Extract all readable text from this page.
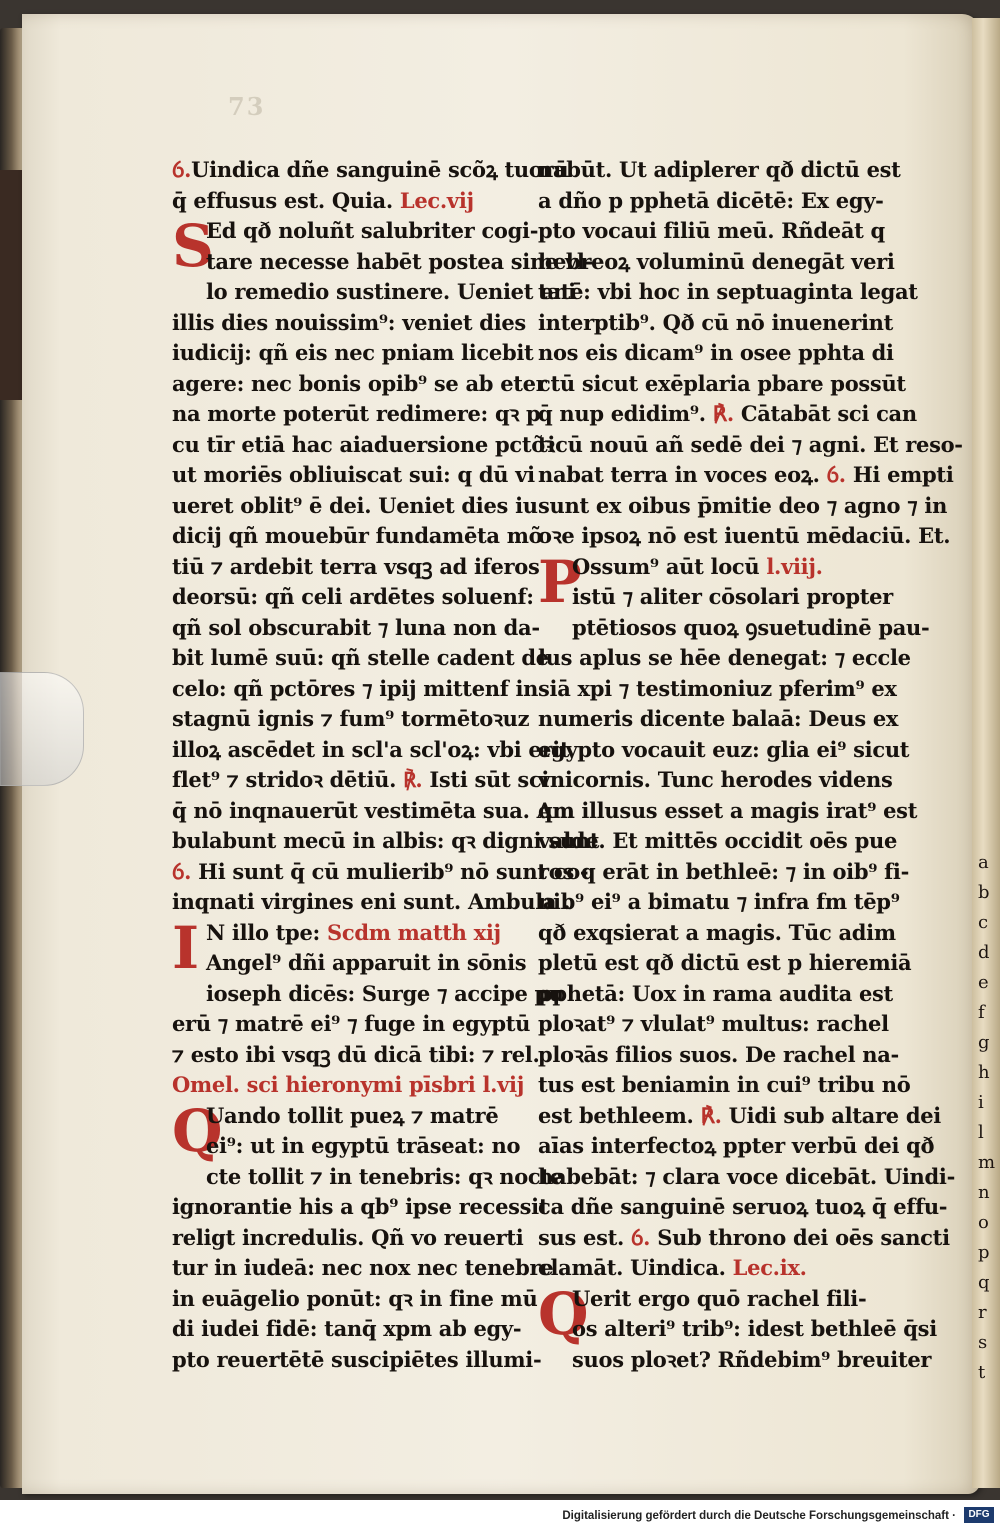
a
b
c
d
e
f
g
h
i
l
m
n
o
p
q
r
s
t
73
ỽ.Uindica dñe sanguinē scõꝝ tuorū
q̄ effusus est. Quia. Lec.vij
S
Ed qð noluñt salubriter cogi-
tare necesse habēt postea sine vl-
lo remedio sustinere. Ueniet eni
illis dies nouissim⁹: veniet dies
iudicij: qñ eis nec pniam licebit
agere: nec bonis opib⁹ se ab eter
na morte poterūt redimere: qꝛ p
cu tīr etiā hac aiaduersione pctõꝛ
ut moriēs obliuiscat sui: q dū vi
ueret oblit⁹ ē dei. Ueniet dies iu
dicij qñ mouebūr fundamēta mõ
tiū ⁊ ardebit terra vsqꝫ ad iferos
deorsū: qñ celi ardētes soluenf:
qñ sol obscurabit ⁊ luna non da-
bit lumē suū: qñ stelle cadent de
celo: qñ pctōres ⁊ ipij mittenf in
stagnū ignis ⁊ fum⁹ tormētoꝛuz
illoꝝ ascēdet in scl'a scl'oꝝ: vbi erit
flet⁹ ⁊ stridoꝛ dētiū. ℟. Isti sūt sci
q̄ nō inqnauerūt vestimēta sua. Am
bulabunt mecū in albis: qꝛ digni sunt
ỽ. Hi sunt q̄ cū mulierib⁹ nō sunt co-
inqnati virgines eni sunt. Ambula .
I N illo tpe: Scdm matth xij
Angel⁹ dñi apparuit in sōnis
ioseph dicēs: Surge ⁊ accipe pu
erū ⁊ matrē ei⁹ ⁊ fuge in egyptū
⁊ esto ibi vsqꝫ dū dicā tibi: ⁊ rel.
Omel. sci hieronymi pīsbri l.vij
Q
Uando tollit pueꝝ ⁊ matrē
ei⁹: ut in egyptū trāseat: no
cte tollit ⁊ in tenebris: qꝛ nocte
ignorantie his a qb⁹ ipse recessit
religt incredulis. Qñ vo reuerti
tur in iudeā: nec nox nec tenebre
in euāgelio ponūt: qꝛ in fine mū
di iudei fidē: tanq̄ xpm ab egy-
pto reuertētē suscipiētes illumi-
nabūt. Ut adiplerer qð dictū est
a dño p pphetā dicētē: Ex egy-
pto vocaui filiū meū. Rñdeāt q
hebreoꝝ voluminū denegāt veri
tatē: vbi hoc in septuaginta legat
interptib⁹. Qð cū nō inuenerint
nos eis dicam⁹ in osee pphta di
ctū sicut exēplaria pbare possūt
q̄ nup edidim⁹. ℟. Cātabāt sci can
ticū nouū añ sedē dei ⁊ agni. Et reso-
nabat terra in voces eoꝝ. ỽ. Hi empti
sunt ex oibus p̄mitie deo ⁊ agno ⁊ in
oꝛe ipsoꝝ nō est iuentū mēdaciū. Et.
P
Ossum⁹ aūt locū l.viij.
istū ⁊ aliter cōsolari propter
ptētiosos quoꝝ ꝯsuetudinē pau-
lus aplus se hēe denegat: ⁊ eccle
siā xpi ⁊ testimoniuz pferim⁹ ex
numeris dicente balaā: Deus ex
egypto vocauit euz: glia ei⁹ sicut
vnicornis. Tunc herodes videns
qm illusus esset a magis irat⁹ est
valde. Et mittēs occidit oēs pue
ros q erāt in bethleē: ⁊ in oib⁹ fi-
nib⁹ ei⁹ a bimatu ⁊ infra fm tēp⁹
qð exqsierat a magis. Tūc adim
pletū est qð dictū est p hieremiā
pphetā: Uox in rama audita est
ploꝛat⁹ ⁊ vlulat⁹ multus: rachel
ploꝛās filios suos. De rachel na-
tus est beniamin in cui⁹ tribu nō
est bethleem. ℟. Uidi sub altare dei
aīas interfectoꝝ ppter verbū dei qð
habebāt: ⁊ clara voce dicebāt. Uindi-
ca dñe sanguinē seruoꝝ tuoꝝ q̄ effu-
sus est. ỽ. Sub throno dei oēs sancti
clamāt. Uindica. Lec.ix.
Q
Uerit ergo quō rachel fili-
os alteri⁹ trib⁹: idest bethleē q̄si
suos ploꝛet? Rñdebim⁹ breuiter
Digitalisierung gefördert durch die Deutsche Forschungsgemeinschaft ·	DFG
